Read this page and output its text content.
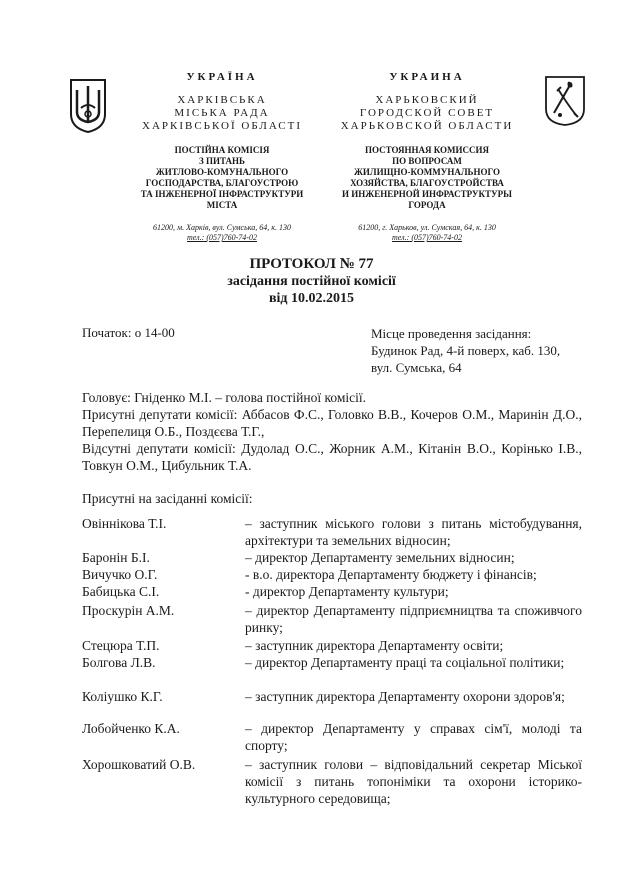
УКРАЇНА
ХАРКІВСЬКА
МІСЬКА РАДА
ХАРКІВСЬКОЇ ОБЛАСТІ
ПОСТІЙНА КОМІСІЯ
З ПИТАНЬ
ЖИТЛОВО-КОМУНАЛЬНОГО
ГОСПОДАРСТВА, БЛАГОУСТРОЮ
ТА ІНЖЕНЕРНОЇ ІНФРАСТРУКТУРИ
МІСТА
61200, м. Харків, вул. Сумська, 64, к. 130
тел.: (057)760-74-02
УКРАИНА
ХАРЬКОВСКИЙ
ГОРОДСКОЙ СОВЕТ
ХАРЬКОВСКОЙ ОБЛАСТИ
ПОСТОЯННАЯ КОМИССИЯ
ПО ВОПРОСАМ
ЖИЛИЩНО-КОММУНАЛЬНОГО
ХОЗЯЙСТВА, БЛАГОУСТРОЙСТВА
И ИНЖЕНЕРНОЙ ИНФРАСТРУКТУРЫ
ГОРОДА
61200, г. Харьков, ул. Сумская, 64, к. 130
тел.: (057)760-74-02
ПРОТОКОЛ № 77
засідання постійної комісії
від 10.02.2015
Початок: о 14-00	Місце проведення засідання:
Будинок Рад, 4-й поверх, каб. 130,
вул. Сумська, 64
Головує: Гніденко М.І. – голова постійної комісії.
Присутні депутати комісії: Аббасов Ф.С., Головко В.В., Кочеров О.М., Маринін Д.О., Перепелиця О.Б., Поздєєва Т.Г.,
Відсутні депутати комісії: Дудолад О.С., Жорник А.М., Кітанін В.О., Корінько І.В., Товкун О.М., Цибульник Т.А.
Присутні на засіданні комісії:
Овіннікова Т.І.	– заступник міського голови з питань містобудування, архітектури та земельних відносин;
Баронін Б.І.	– директор Департаменту земельних відносин;
Вичучко О.Г.	- в.о. директора Департаменту бюджету і фінансів;
Бабицька С.І.	- директор Департаменту культури;
Проскурін А.М.	– директор Департаменту підприємництва та споживчого ринку;
Стецюра Т.П.	– заступник директора Департаменту освіти;
Болгова Л.В.	– директор Департаменту праці та соціальної політики;
Коліушко К.Г.	– заступник директора Департаменту охорони здоров'я;
Лобойченко К.А.	– директор Департаменту у справах сім'ї, молоді та спорту;
Хорошковатий О.В.	– заступник голови – відповідальний секретар Міської комісії з питань топоніміки та охорони історико-культурного середовища;
